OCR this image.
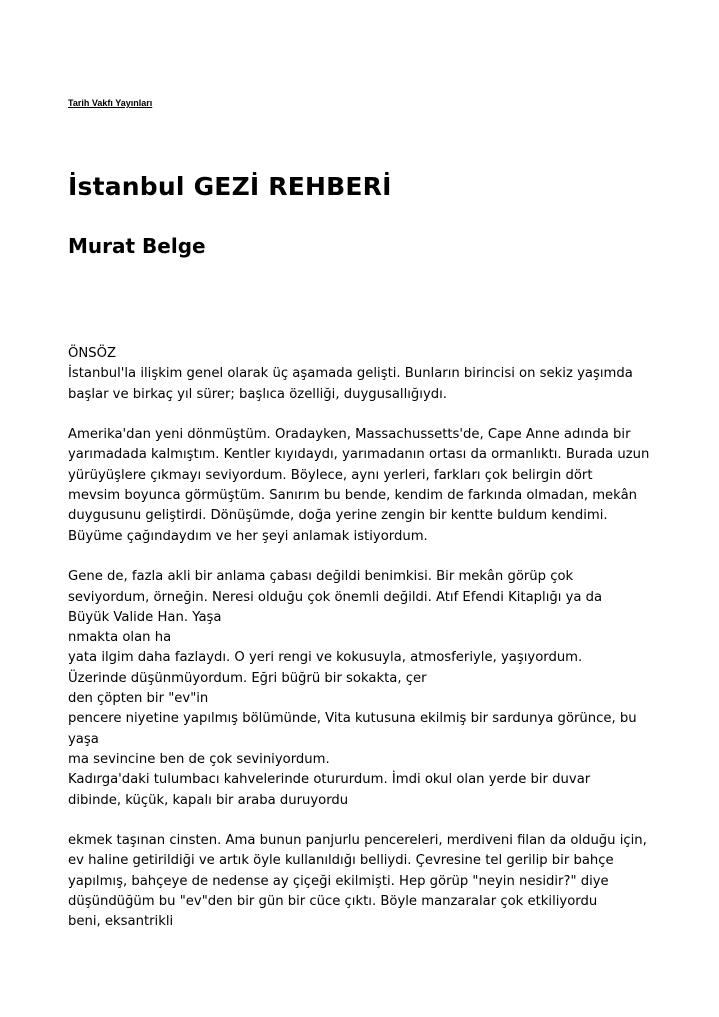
Tarih Vakfı Yayınları
İstanbul GEZİ REHBERİ
Murat Belge
ÖNSÖZ
İstanbul'la ilişkim genel olarak üç aşamada gelişti. Bunların birincisi on sekiz yaşımda
başlar ve birkaç yıl sürer; başlıca özelliği, duygusallığıydı.
Amerika'dan yeni dönmüştüm. Oradayken, Massachussetts'de, Cape Anne adında bir
yarımadada kalmıştım. Kentler kıyıdaydı, yarımadanın ortası da ormanlıktı. Burada uzun
yürüyüşlere çıkmayı seviyordum. Böylece, aynı yerleri, farkları çok belirgin dört
mevsim boyunca görmüştüm. Sanırım bu bende, kendim de farkında olmadan, mekân
duygusunu geliştirdi. Dönüşümde, doğa yerine zengin bir kentte buldum kendimi.
Büyüme çağındaydım ve her şeyi anlamak istiyordum.
Gene de, fazla akli bir anlama çabası değildi benimkisi. Bir mekân görüp çok
seviyordum, örneğin. Neresi olduğu çok önemli değildi. Atıf Efendi Kitaplığı ya da
Büyük Valide Han. Yaşa
nmakta olan ha
yata ilgim daha fazlaydı. O yeri rengi ve kokusuyla, atmosferiyle, yaşıyordum.
Üzerinde düşünmüyordum. Eğri büğrü bir sokakta, çer
den çöpten bir "ev"in
pencere niyetine yapılmış bölümünde, Vita kutusuna ekilmiş bir sardunya görünce, bu
yaşa
ma sevincine ben de çok seviniyordum.
Kadırga'daki tulumbacı kahvelerinde otururdum. İmdi okul olan yerde bir duvar
dibinde, küçük, kapalı bir araba duruyordu
ekmek taşınan cinsten. Ama bunun panjurlu pencereleri, merdiveni filan da olduğu için,
ev haline getirildiği ve artık öyle kullanıldığı belliydi. Çevresine tel gerilip bir bahçe
yapılmış, bahçeye de nedense ay çiçeği ekilmişti. Hep görüp "neyin nesidir?" diye
düşündüğüm bu "ev"den bir gün bir cüce çıktı. Böyle manzaralar çok etkiliyordu
beni, eksantrikli
